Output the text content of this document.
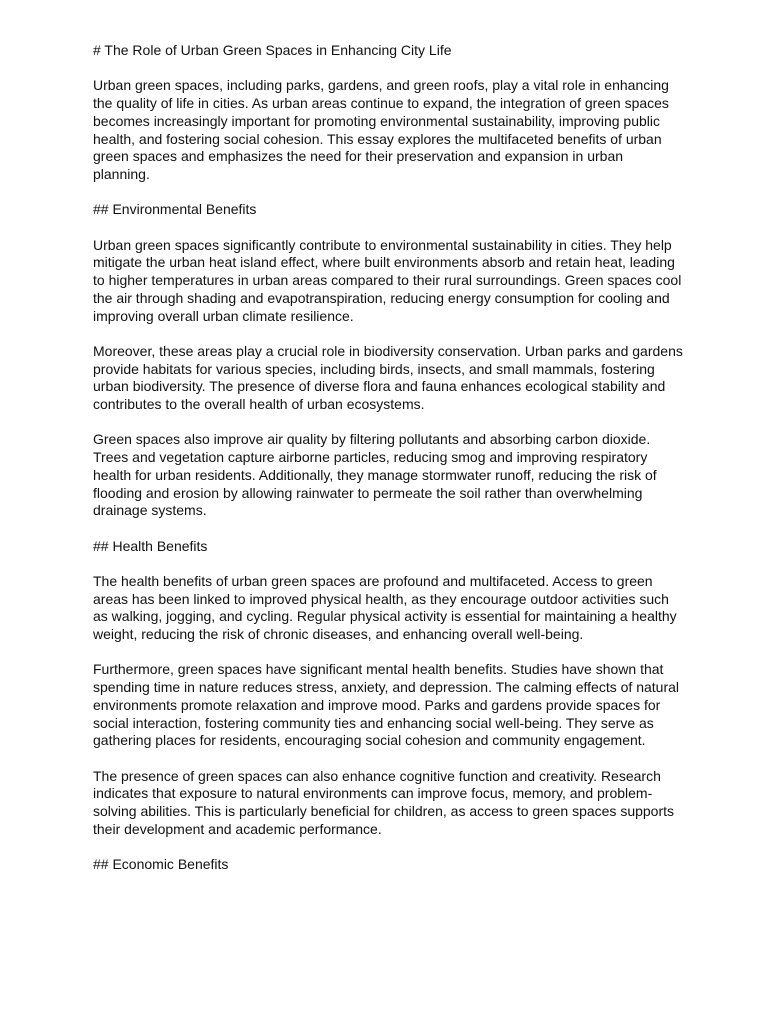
# The Role of Urban Green Spaces in Enhancing City Life
Urban green spaces, including parks, gardens, and green roofs, play a vital role in enhancing the quality of life in cities. As urban areas continue to expand, the integration of green spaces becomes increasingly important for promoting environmental sustainability, improving public health, and fostering social cohesion. This essay explores the multifaceted benefits of urban green spaces and emphasizes the need for their preservation and expansion in urban planning.
## Environmental Benefits
Urban green spaces significantly contribute to environmental sustainability in cities. They help mitigate the urban heat island effect, where built environments absorb and retain heat, leading to higher temperatures in urban areas compared to their rural surroundings. Green spaces cool the air through shading and evapotranspiration, reducing energy consumption for cooling and improving overall urban climate resilience.
Moreover, these areas play a crucial role in biodiversity conservation. Urban parks and gardens provide habitats for various species, including birds, insects, and small mammals, fostering urban biodiversity. The presence of diverse flora and fauna enhances ecological stability and contributes to the overall health of urban ecosystems.
Green spaces also improve air quality by filtering pollutants and absorbing carbon dioxide. Trees and vegetation capture airborne particles, reducing smog and improving respiratory health for urban residents. Additionally, they manage stormwater runoff, reducing the risk of flooding and erosion by allowing rainwater to permeate the soil rather than overwhelming drainage systems.
## Health Benefits
The health benefits of urban green spaces are profound and multifaceted. Access to green areas has been linked to improved physical health, as they encourage outdoor activities such as walking, jogging, and cycling. Regular physical activity is essential for maintaining a healthy weight, reducing the risk of chronic diseases, and enhancing overall well-being.
Furthermore, green spaces have significant mental health benefits. Studies have shown that spending time in nature reduces stress, anxiety, and depression. The calming effects of natural environments promote relaxation and improve mood. Parks and gardens provide spaces for social interaction, fostering community ties and enhancing social well-being. They serve as gathering places for residents, encouraging social cohesion and community engagement.
The presence of green spaces can also enhance cognitive function and creativity. Research indicates that exposure to natural environments can improve focus, memory, and problem-solving abilities. This is particularly beneficial for children, as access to green spaces supports their development and academic performance.
## Economic Benefits
